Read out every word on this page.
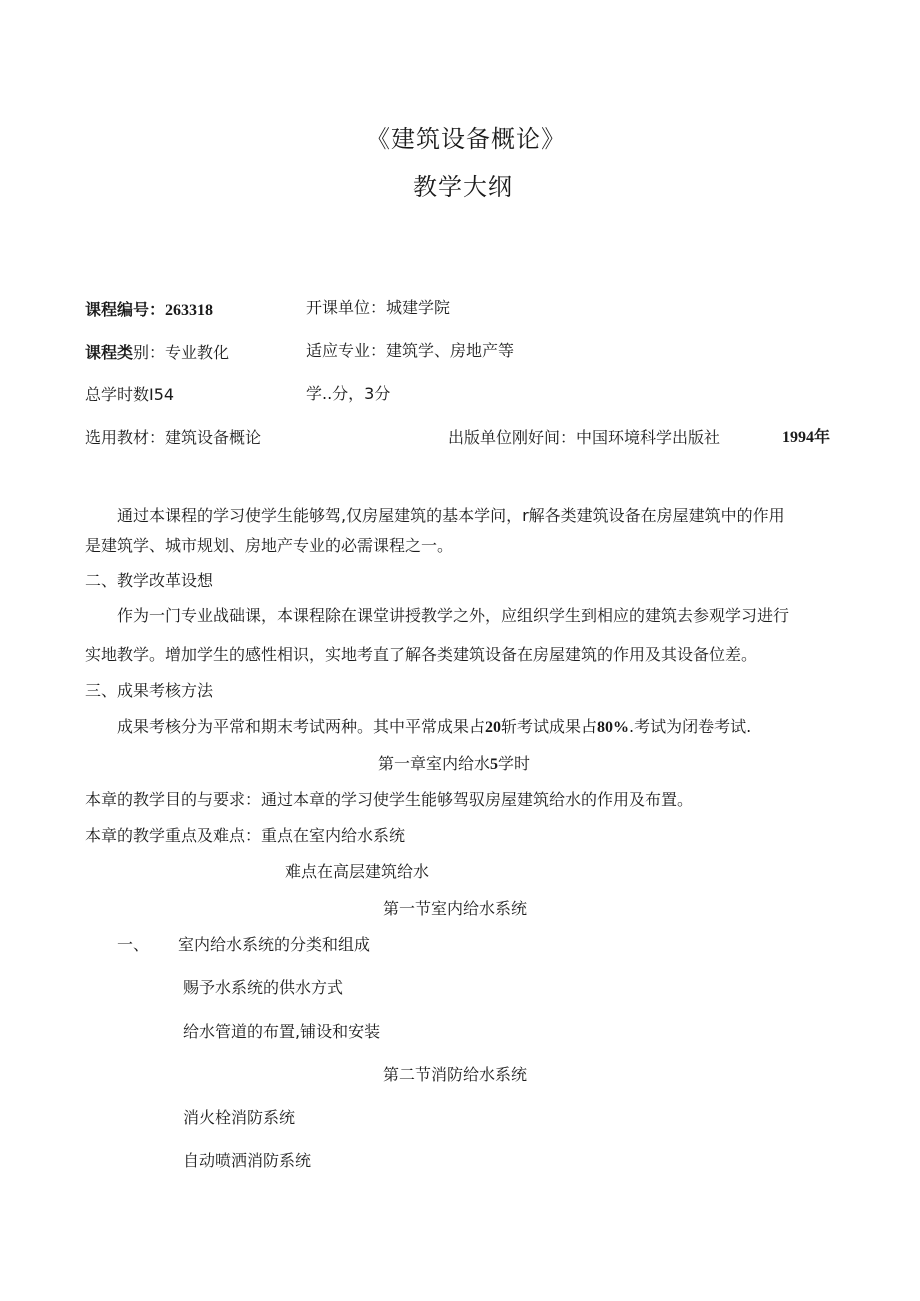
《建筑设备概论》
教学大纲
课程编号：263318	开课单位：城建学院
课程类别：专业教化	适应专业：建筑学、房地产等
总学时数I54	学..分，3分
选用教材：建筑设备概论	出版单位刚好间：中国环境科学出版社	1994年
通过本课程的学习使学生能够驾,仅房屋建筑的基本学问，r解各类建筑设备在房屋建筑中的作用
是建筑学、城市规划、房地产专业的必需课程之一。
二、教学改革设想
作为一门专业战础课，本课程除在课堂讲授教学之外，应组织学生到相应的建筑去参观学习进行
实地教学。增加学生的感性相识，实地考直了解各类建筑设备在房屋建筑的作用及其设备位差。
三、成果考核方法
成果考核分为平常和期末考试两种。其中平常成果占20斩考试成果占80%.考试为闭卷考试.
第一章室内给水5学时
本章的教学目的与要求：通过本章的学习使学生能够驾驭房屋建筑给水的作用及布置。
本章的教学重点及难点：重点在室内给水系统
难点在高层建筑给水
第一节室内给水系统
一、 室内给水系统的分类和组成
赐予水系统的供水方式
给水管道的布置,铺设和安装
第二节消防给水系统
消火栓消防系统
自动喷洒消防系统
